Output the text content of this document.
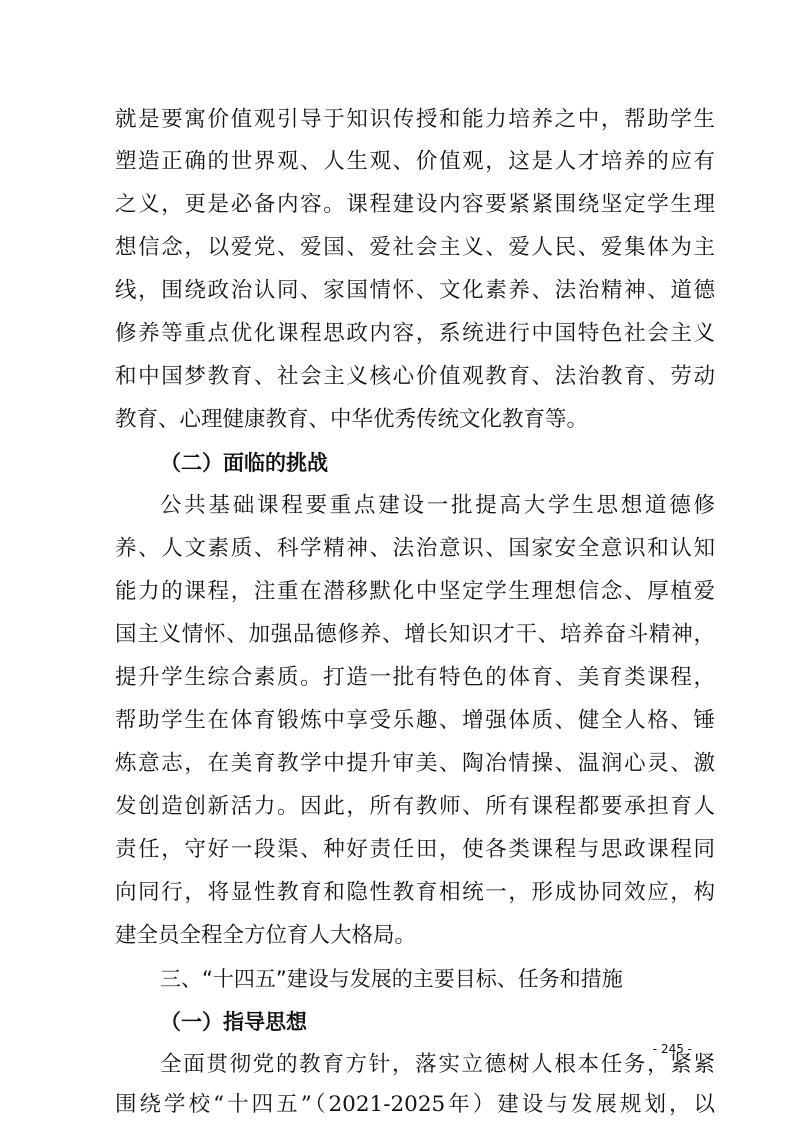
就是要寓价值观引导于知识传授和能力培养之中，帮助学生
塑造正确的世界观、人生观、价值观，这是人才培养的应有
之义，更是必备内容。课程建设内容要紧紧围绕坚定学生理
想信念，以爱党、爱国、爱社会主义、爱人民、爱集体为主
线，围绕政治认同、家国情怀、文化素养、法治精神、道德
修养等重点优化课程思政内容，系统进行中国特色社会主义
和中国梦教育、社会主义核心价值观教育、法治教育、劳动
教育、心理健康教育、中华优秀传统文化教育等。
（二）面临的挑战
公共基础课程要重点建设一批提高大学生思想道德修
养、人文素质、科学精神、法治意识、国家安全意识和认知
能力的课程，注重在潜移默化中坚定学生理想信念、厚植爱
国主义情怀、加强品德修养、增长知识才干、培养奋斗精神，
提升学生综合素质。打造一批有特色的体育、美育类课程，
帮助学生在体育锻炼中享受乐趣、增强体质、健全人格、锤
炼意志，在美育教学中提升审美、陶冶情操、温润心灵、激
发创造创新活力。因此，所有教师、所有课程都要承担育人
责任，守好一段渠、种好责任田，使各类课程与思政课程同
向同行，将显性教育和隐性教育相统一，形成协同效应，构
建全员全程全方位育人大格局。
三、“十四五”建设与发展的主要目标、任务和措施
（一）指导思想
全面贯彻党的教育方针，落实立德树人根本任务，紧紧
围绕学校“十四五”（2021-2025年）建设与发展规划，以
- 245 -
